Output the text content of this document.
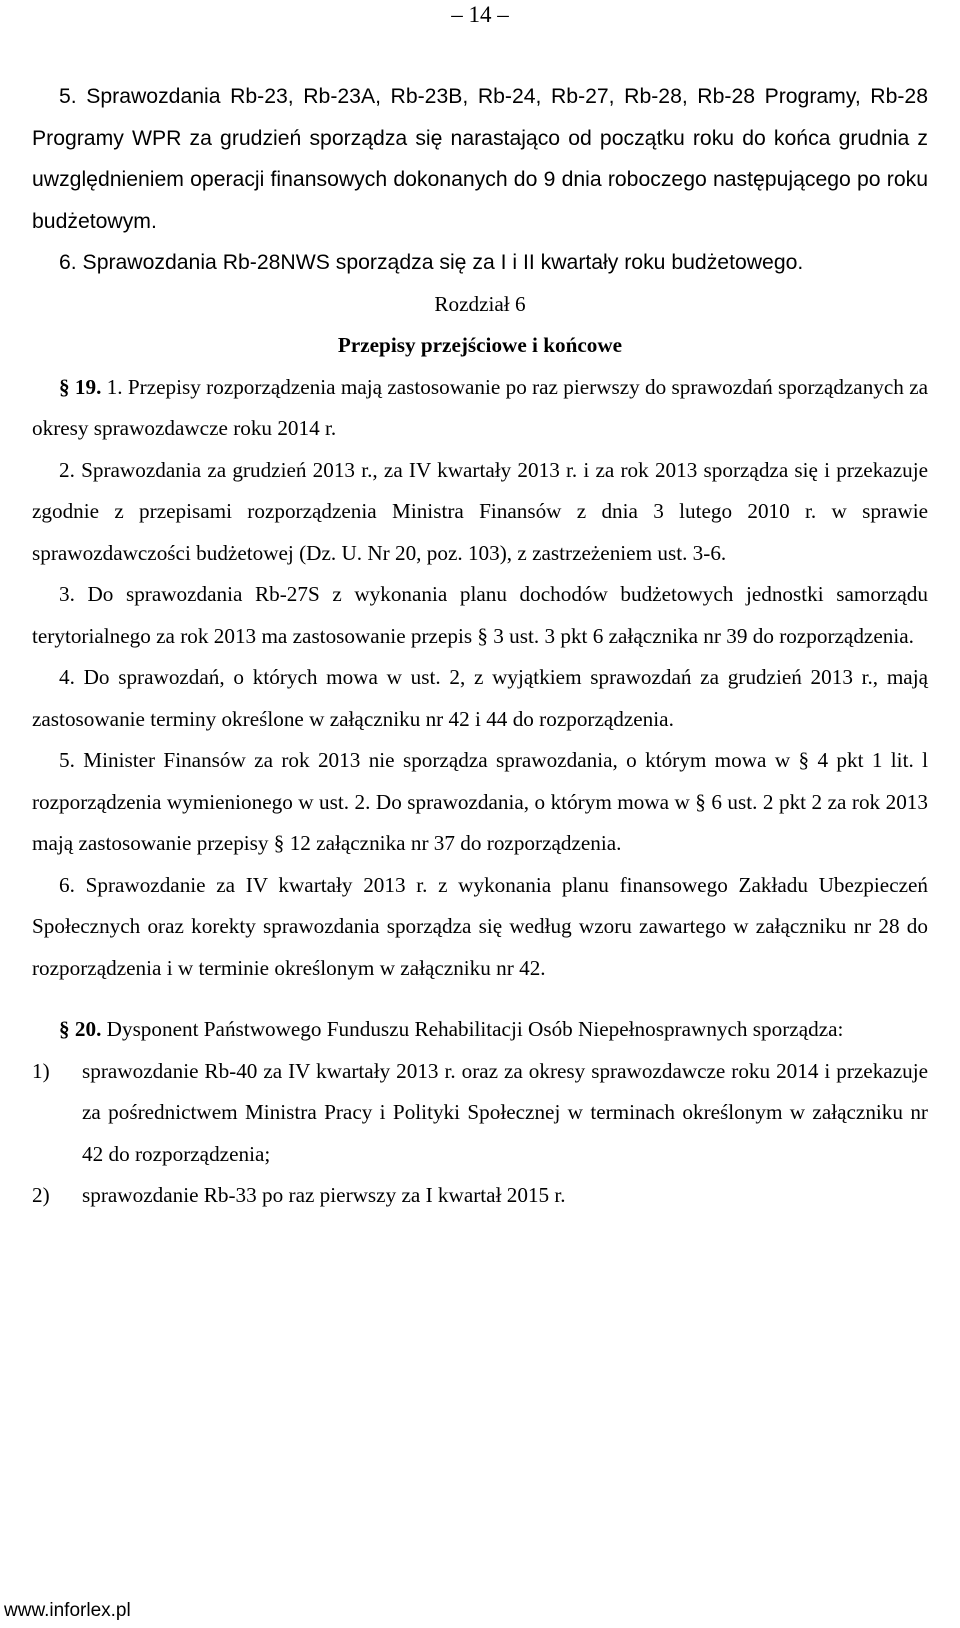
– 14 –

5. Sprawozdania Rb-23, Rb-23A, Rb-23B, Rb-24, Rb-27, Rb-28, Rb-28 Programy, Rb-28 Programy WPR za grudzień sporządza się narastająco od początku roku do końca grudnia z uwzględnieniem operacji finansowych dokonanych do 9 dnia roboczego następującego po roku budżetowym.

6. Sprawozdania Rb-28NWS sporządza się za I i II kwartały roku budżetowego.

Rozdział 6

Przepisy przejściowe i końcowe

§ 19. 1. Przepisy rozporządzenia mają zastosowanie po raz pierwszy do sprawozdań sporządzanych za okresy sprawozdawcze roku 2014 r.

2. Sprawozdania za grudzień 2013 r., za IV kwartały 2013 r. i za rok 2013 sporządza się i przekazuje zgodnie z przepisami rozporządzenia Ministra Finansów z dnia 3 lutego 2010 r. w sprawie sprawozdawczości budżetowej (Dz. U. Nr 20, poz. 103), z zastrzeżeniem ust. 3-6.

3. Do sprawozdania Rb-27S z wykonania planu dochodów budżetowych jednostki samorządu terytorialnego za rok 2013 ma zastosowanie przepis § 3 ust. 3 pkt 6 załącznika nr 39 do rozporządzenia.

4. Do sprawozdań, o których mowa w ust. 2, z wyjątkiem sprawozdań za grudzień 2013 r., mają zastosowanie terminy określone w załączniku nr 42 i 44 do rozporządzenia.

5. Minister Finansów za rok 2013 nie sporządza sprawozdania, o którym mowa w § 4 pkt 1 lit. l rozporządzenia wymienionego w ust. 2. Do sprawozdania, o którym mowa w § 6 ust. 2 pkt 2 za rok 2013 mają zastosowanie przepisy § 12 załącznika nr 37 do rozporządzenia.

6. Sprawozdanie za IV kwartały 2013 r. z wykonania planu finansowego Zakładu Ubezpieczeń Społecznych oraz korekty sprawozdania sporządza się według wzoru zawartego w załączniku nr 28 do rozporządzenia i w terminie określonym w załączniku nr 42.

§ 20. Dysponent Państwowego Funduszu Rehabilitacji Osób Niepełnosprawnych sporządza:

1)	sprawozdanie Rb-40 za IV kwartały 2013 r. oraz za okresy sprawozdawcze roku 2014 i przekazuje za pośrednictwem Ministra Pracy i Polityki Społecznej w terminach określonym w załączniku nr 42 do rozporządzenia;
2)	sprawozdanie Rb-33 po raz pierwszy za I kwartał 2015 r.
www.inforlex.pl
